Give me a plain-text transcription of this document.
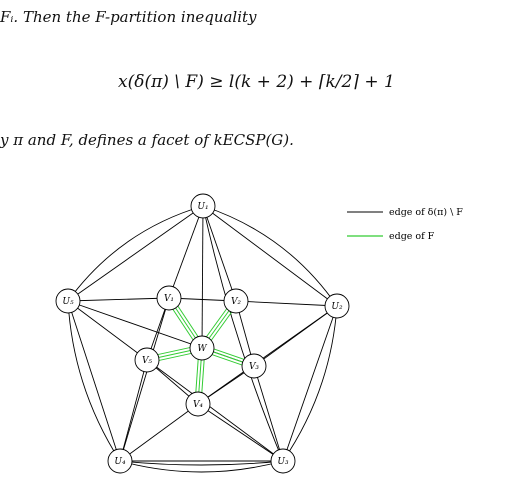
Fᵢ. Then the F-partition inequality
x(δ(π) \ F) ≥ l(k + 2) + ⌈k/2⌉ + 1
y π and F, defines a facet of kECSP(G).
U₁
U₂
U₃
U₄
U₅	V₁	V₂
V₃
V₄
V₅
W
edge of δ(π) \ F
edge of F
